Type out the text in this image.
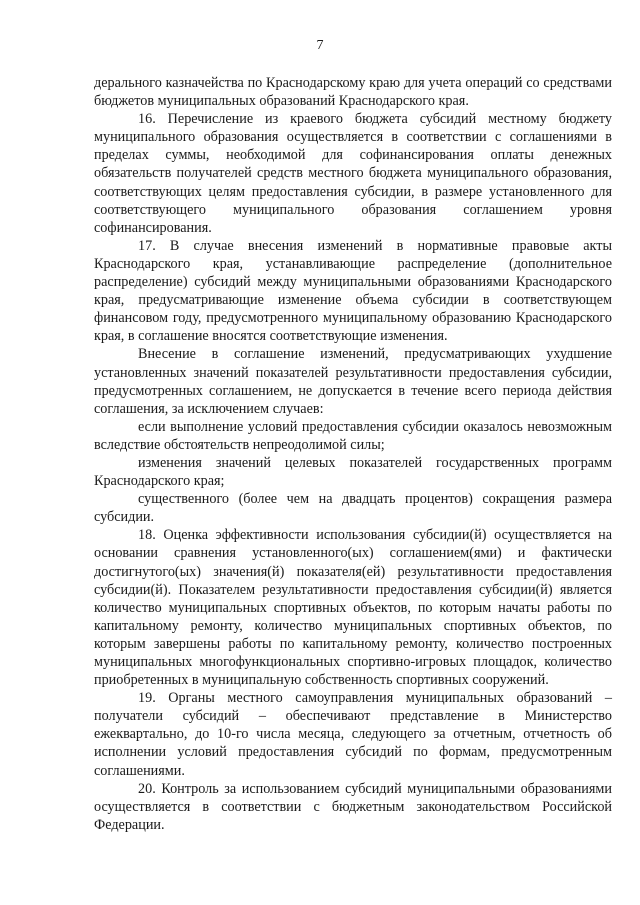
7

дерального казначейства по Краснодарскому краю для учета операций со средствами бюджетов муниципальных образований Краснодарского края.

16. Перечисление из краевого бюджета субсидий местному бюджету муниципального образования осуществляется в соответствии с соглашениями в пределах суммы, необходимой для софинансирования оплаты денежных обязательств получателей средств местного бюджета муниципального образования, соответствующих целям предоставления субсидии, в размере установленного для соответствующего муниципального образования соглашением уровня софинансирования.

17. В случае внесения изменений в нормативные правовые акты Краснодарского края, устанавливающие распределение (дополнительное распределение) субсидий между муниципальными образованиями Краснодарского края, предусматривающие изменение объема субсидии в соответствующем финансовом году, предусмотренного муниципальному образованию Краснодарского края, в соглашение вносятся соответствующие изменения.

Внесение в соглашение изменений, предусматривающих ухудшение установленных значений показателей результативности предоставления субсидии, предусмотренных соглашением, не допускается в течение всего периода действия соглашения, за исключением случаев:

если выполнение условий предоставления субсидии оказалось невозможным вследствие обстоятельств непреодолимой силы;

изменения значений целевых показателей государственных программ Краснодарского края;

существенного (более чем на двадцать процентов) сокращения размера субсидии.

18. Оценка эффективности использования субсидии(й) осуществляется на основании сравнения установленного(ых) соглашением(ями) и фактически достигнутого(ых) значения(й) показателя(ей) результативности предоставления субсидии(й). Показателем результативности предоставления субсидии(й) является количество муниципальных спортивных объектов, по которым начаты работы по капитальному ремонту, количество муниципальных спортивных объектов, по которым завершены работы по капитальному ремонту, количество построенных муниципальных многофункциональных спортивно-игровых площадок, количество приобретенных в муниципальную собственность спортивных сооружений.

19. Органы местного самоуправления муниципальных образований – получатели субсидий – обеспечивают представление в Министерство ежеквартально, до 10-го числа месяца, следующего за отчетным, отчетность об исполнении условий предоставления субсидий по формам, предусмотренным соглашениями.

20. Контроль за использованием субсидий муниципальными образованиями осуществляется в соответствии с бюджетным законодательством Российской Федерации.
